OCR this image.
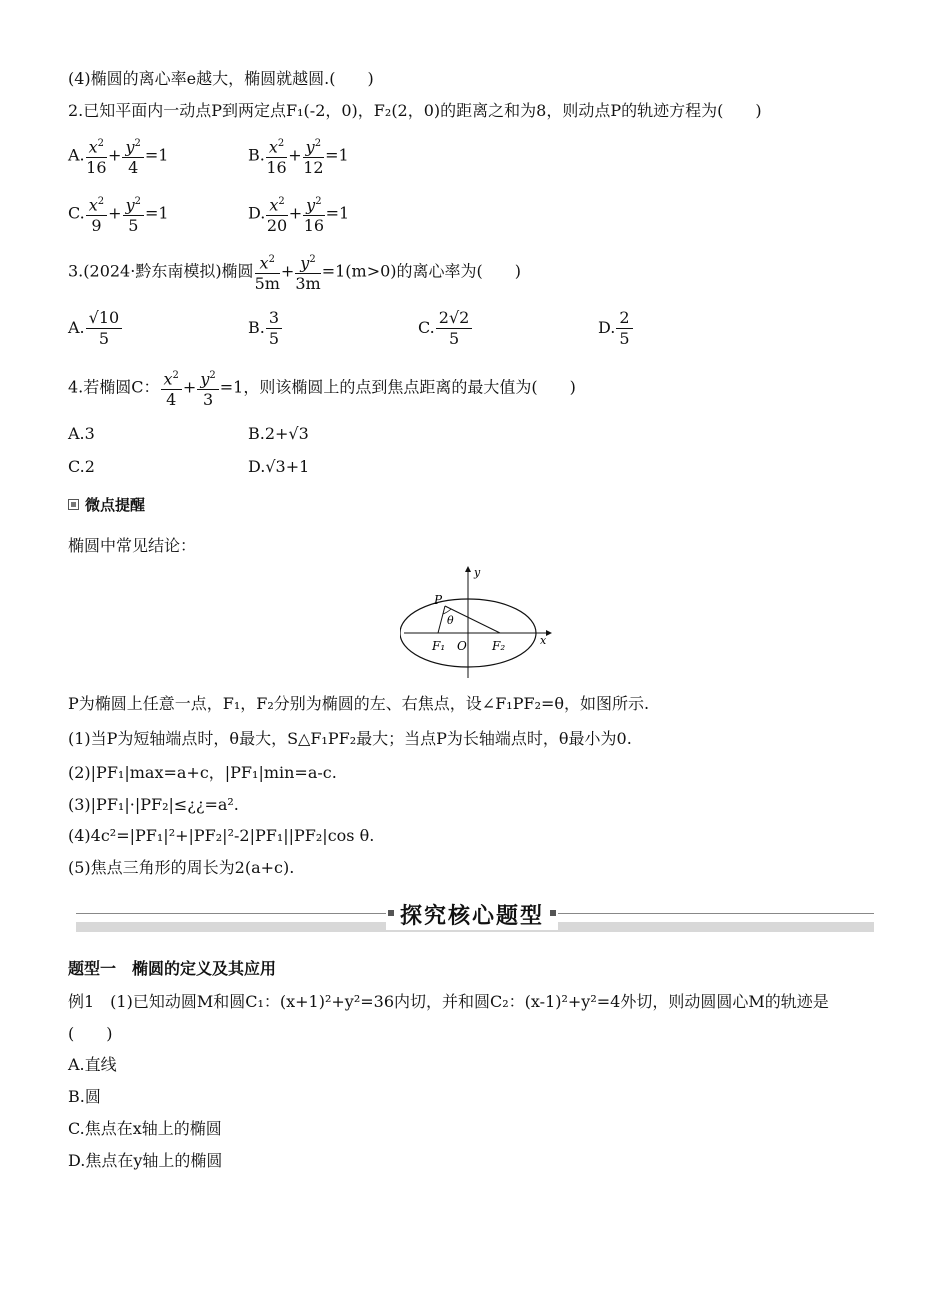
(4)椭圆的离心率e越大，椭圆就越圆.(　　)
2.已知平面内一动点P到两定点F₁(-2，0)，F₂(2，0)的距离之和为8，则动点P的轨迹方程为(　　)
A. $\frac{x^2}{16} + \frac{y^2}{4} =1$	B. $\frac{x^2}{16} + \frac{y^2}{12} =1$
C. $\frac{x^2}{9} + \frac{y^2}{5} =1$	D. $\frac{x^2}{20} + \frac{y^2}{16} =1$
3.(2024·黔东南模拟)椭圆 $\frac{x^2}{5m} + \frac{y^2}{3m} =1(m>0)$的离心率为(　　)
A. $\frac{√10}{5}$	B. $\frac{3}{5}$	C. $\frac{2√2}{5}$	D. $\frac{2}{5}$
4.若椭圆C： $\frac{x^2}{4} + \frac{y^2}{3} =1$，则该椭圆上的点到焦点距离的最大值为(　　)
A.3	B.2+√3
C.2	D.√3+1
微点提醒
椭圆中常见结论：
P
θ
y
x
F₁ O F₂
P为椭圆上任意一点，F₁，F₂分别为椭圆的左、右焦点，设∠F₁PF₂=θ，如图所示.
(1)当P为短轴端点时，θ最大，S△F₁PF₂最大；当点P为长轴端点时，θ最小为0.
(2)|PF₁|max=a+c，|PF₁|min=a-c.
(3)|PF₁|·|PF₂|≤¿¿=a².
(4)4c²=|PF₁|²+|PF₂|²-2|PF₁||PF₂|cos θ.
(5)焦点三角形的周长为2(a+c).
探究核心题型
题型一　椭圆的定义及其应用
例1　(1)已知动圆M和圆C₁：(x+1)²+y²=36内切，并和圆C₂：(x-1)²+y²=4外切，则动圆圆心M的轨迹是(　　)
A.直线
B.圆
C.焦点在x轴上的椭圆
D.焦点在y轴上的椭圆
